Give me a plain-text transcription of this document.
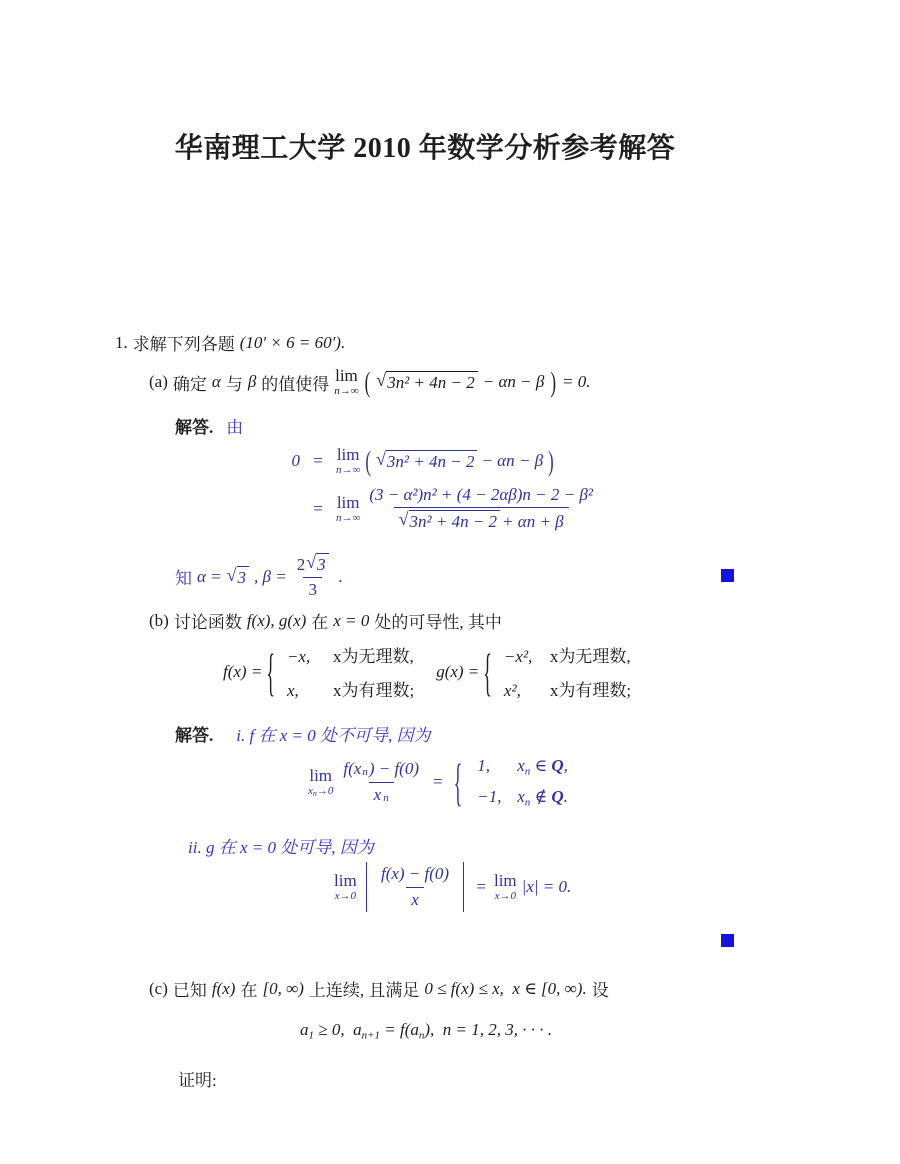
华南理工大学 2010 年数学分析参考解答
1. 求解下列各题 (10′ × 6 = 60′).
(a) 确定 α 与 β 的值使得 lim
n→∞ ( √ 3n² + 4n − 2 − αn − β ) = 0.
解答. 由
0 = lim
n→∞ ( √ 3n² + 4n − 2 − αn − β )
= lim
n→∞
(3 − α²)n² + (4 − 2αβ)n − 2 − β²
√ 3n² + 4n − 2 + αn + β
知 α = √ 3 , $\beta = \frac{2 √ 3}{3}$ .
(b) 讨论函数 f(x), g(x) 在 x = 0 处的可导性, 其中
f(x) = { −x,	x为无理数,
x,	x为有理数;
g(x) = { −x²,	x为无理数,
x²,	x为有理数;
解答. i. f 在 x = 0 处不可导, 因为
lim
$xn\to 0 \frac{\text{f(x n ) − f(0)}}{\text{x n}}$ = { 1,	$x_n$ ∈ Q,
−1, $x_n$ ∉ Q.
ii. g 在 x = 0 处可导, 因为
lim
$x\to 0 \frac{f(x) - f(0)}{x} = \lim$
x→0 |x| = 0.
(c) 已知 f(x) 在 [0, ∞) 上连续, 且满足 0 ≤ f(x) ≤ x,  x ∈ [0, ∞). 设
$a_1 \ge 0$,  $a_{n+1} = f(a_n)$,  n = 1, 2, 3, · · · .
证明:
